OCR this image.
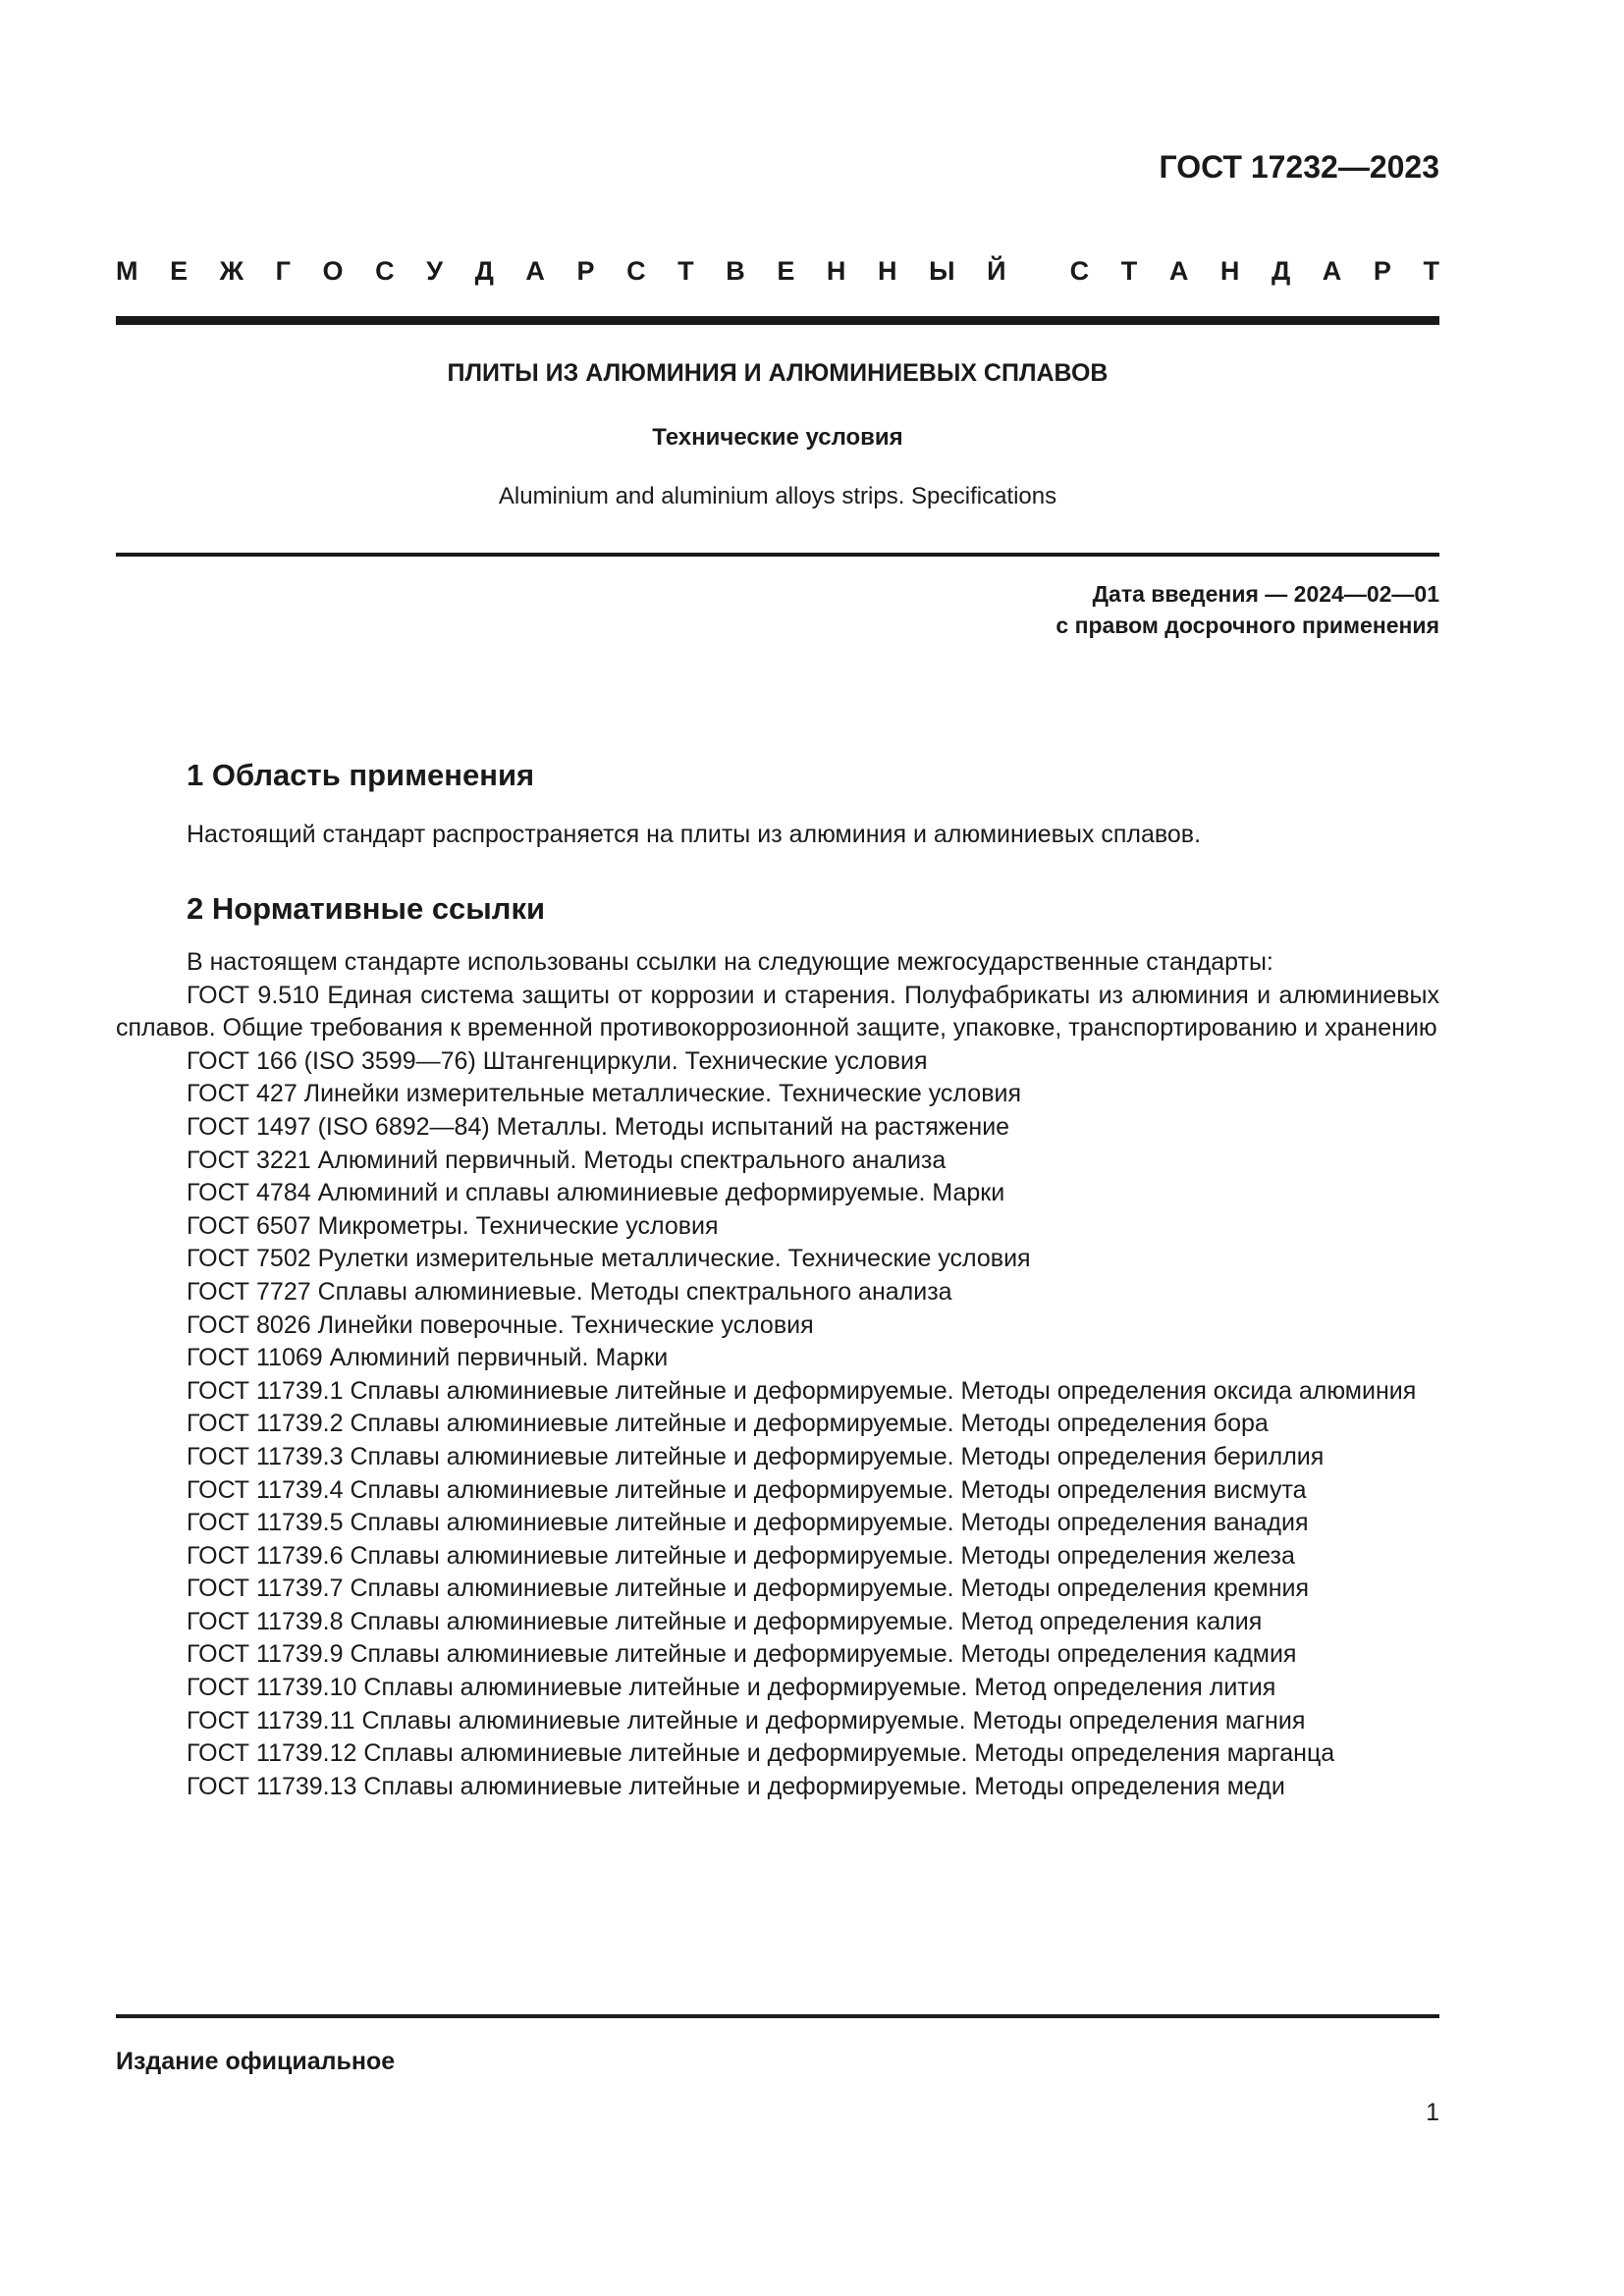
ГОСТ 17232—2023
М Е Ж Г О С У Д А Р С Т В Е Н Н Ы Й С Т А Н Д А Р Т
ПЛИТЫ ИЗ АЛЮМИНИЯ И АЛЮМИНИЕВЫХ СПЛАВОВ
Технические условия
Aluminium and aluminium alloys strips. Specifications
Дата введения — 2024—02—01
с правом досрочного применения
1 Область применения
Настоящий стандарт распространяется на плиты из алюминия и алюминиевых сплавов.
2 Нормативные ссылки

В настоящем стандарте использованы ссылки на следующие межгосударственные стандарты:

ГОСТ 9.510 Единая система защиты от коррозии и старения. Полуфабрикаты из алюминия и алюминиевых сплавов. Общие требования к временной противокоррозионной защите, упаковке, транспортированию и хранению

ГОСТ 166 (ISO 3599—76) Штангенциркули. Технические условия

ГОСТ 427 Линейки измерительные металлические. Технические условия

ГОСТ 1497 (ISO 6892—84) Металлы. Методы испытаний на растяжение

ГОСТ 3221 Алюминий первичный. Методы спектрального анализа

ГОСТ 4784 Алюминий и сплавы алюминиевые деформируемые. Марки

ГОСТ 6507 Микрометры. Технические условия

ГОСТ 7502 Рулетки измерительные металлические. Технические условия

ГОСТ 7727 Сплавы алюминиевые. Методы спектрального анализа

ГОСТ 8026 Линейки поверочные. Технические условия

ГОСТ 11069 Алюминий первичный. Марки

ГОСТ 11739.1 Сплавы алюминиевые литейные и деформируемые. Методы определения оксида алюминия

ГОСТ 11739.2 Сплавы алюминиевые литейные и деформируемые. Методы определения бора

ГОСТ 11739.3 Сплавы алюминиевые литейные и деформируемые. Методы определения бериллия

ГОСТ 11739.4 Сплавы алюминиевые литейные и деформируемые. Методы определения висмута

ГОСТ 11739.5 Сплавы алюминиевые литейные и деформируемые. Методы определения ванадия

ГОСТ 11739.6 Сплавы алюминиевые литейные и деформируемые. Методы определения железа

ГОСТ 11739.7 Сплавы алюминиевые литейные и деформируемые. Методы определения кремния

ГОСТ 11739.8 Сплавы алюминиевые литейные и деформируемые. Метод определения калия

ГОСТ 11739.9 Сплавы алюминиевые литейные и деформируемые. Методы определения кадмия

ГОСТ 11739.10 Сплавы алюминиевые литейные и деформируемые. Метод определения лития

ГОСТ 11739.11 Сплавы алюминиевые литейные и деформируемые. Методы определения магния

ГОСТ 11739.12 Сплавы алюминиевые литейные и деформируемые. Методы определения марганца

ГОСТ 11739.13 Сплавы алюминиевые литейные и деформируемые. Методы определения меди

Издание официальное
1
